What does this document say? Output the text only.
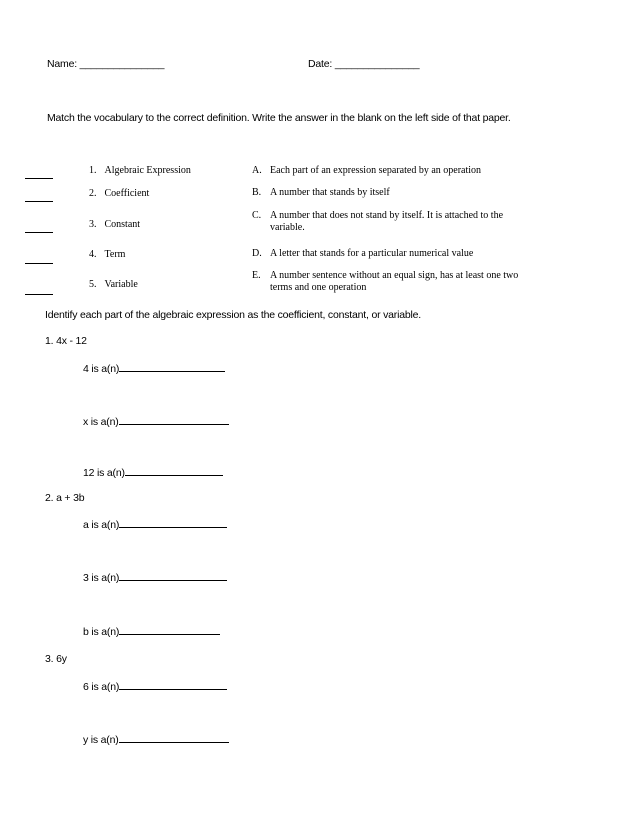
Name: _______________	Date: _______________
Match the vocabulary to the correct definition. Write the answer in the blank on the left side of that paper.
1. Algebraic Expression
2. Coefficient
3. Constant
4. Term
5. Variable
A. Each part of an expression separated by an operation
B. A number that stands by itself
C. A number that does not stand by itself. It is attached to the variable.
D. A letter that stands for a particular numerical value
E. A number sentence without an equal sign, has at least one two terms and one operation
Identify each part of the algebraic expression as the coefficient, constant, or variable.
1. 4x - 12
4 is a(n)
x is a(n)
12 is a(n)
2. a + 3b
a is a(n)
3 is a(n)
b is a(n)
3. 6y
6 is a(n)
y is a(n)
